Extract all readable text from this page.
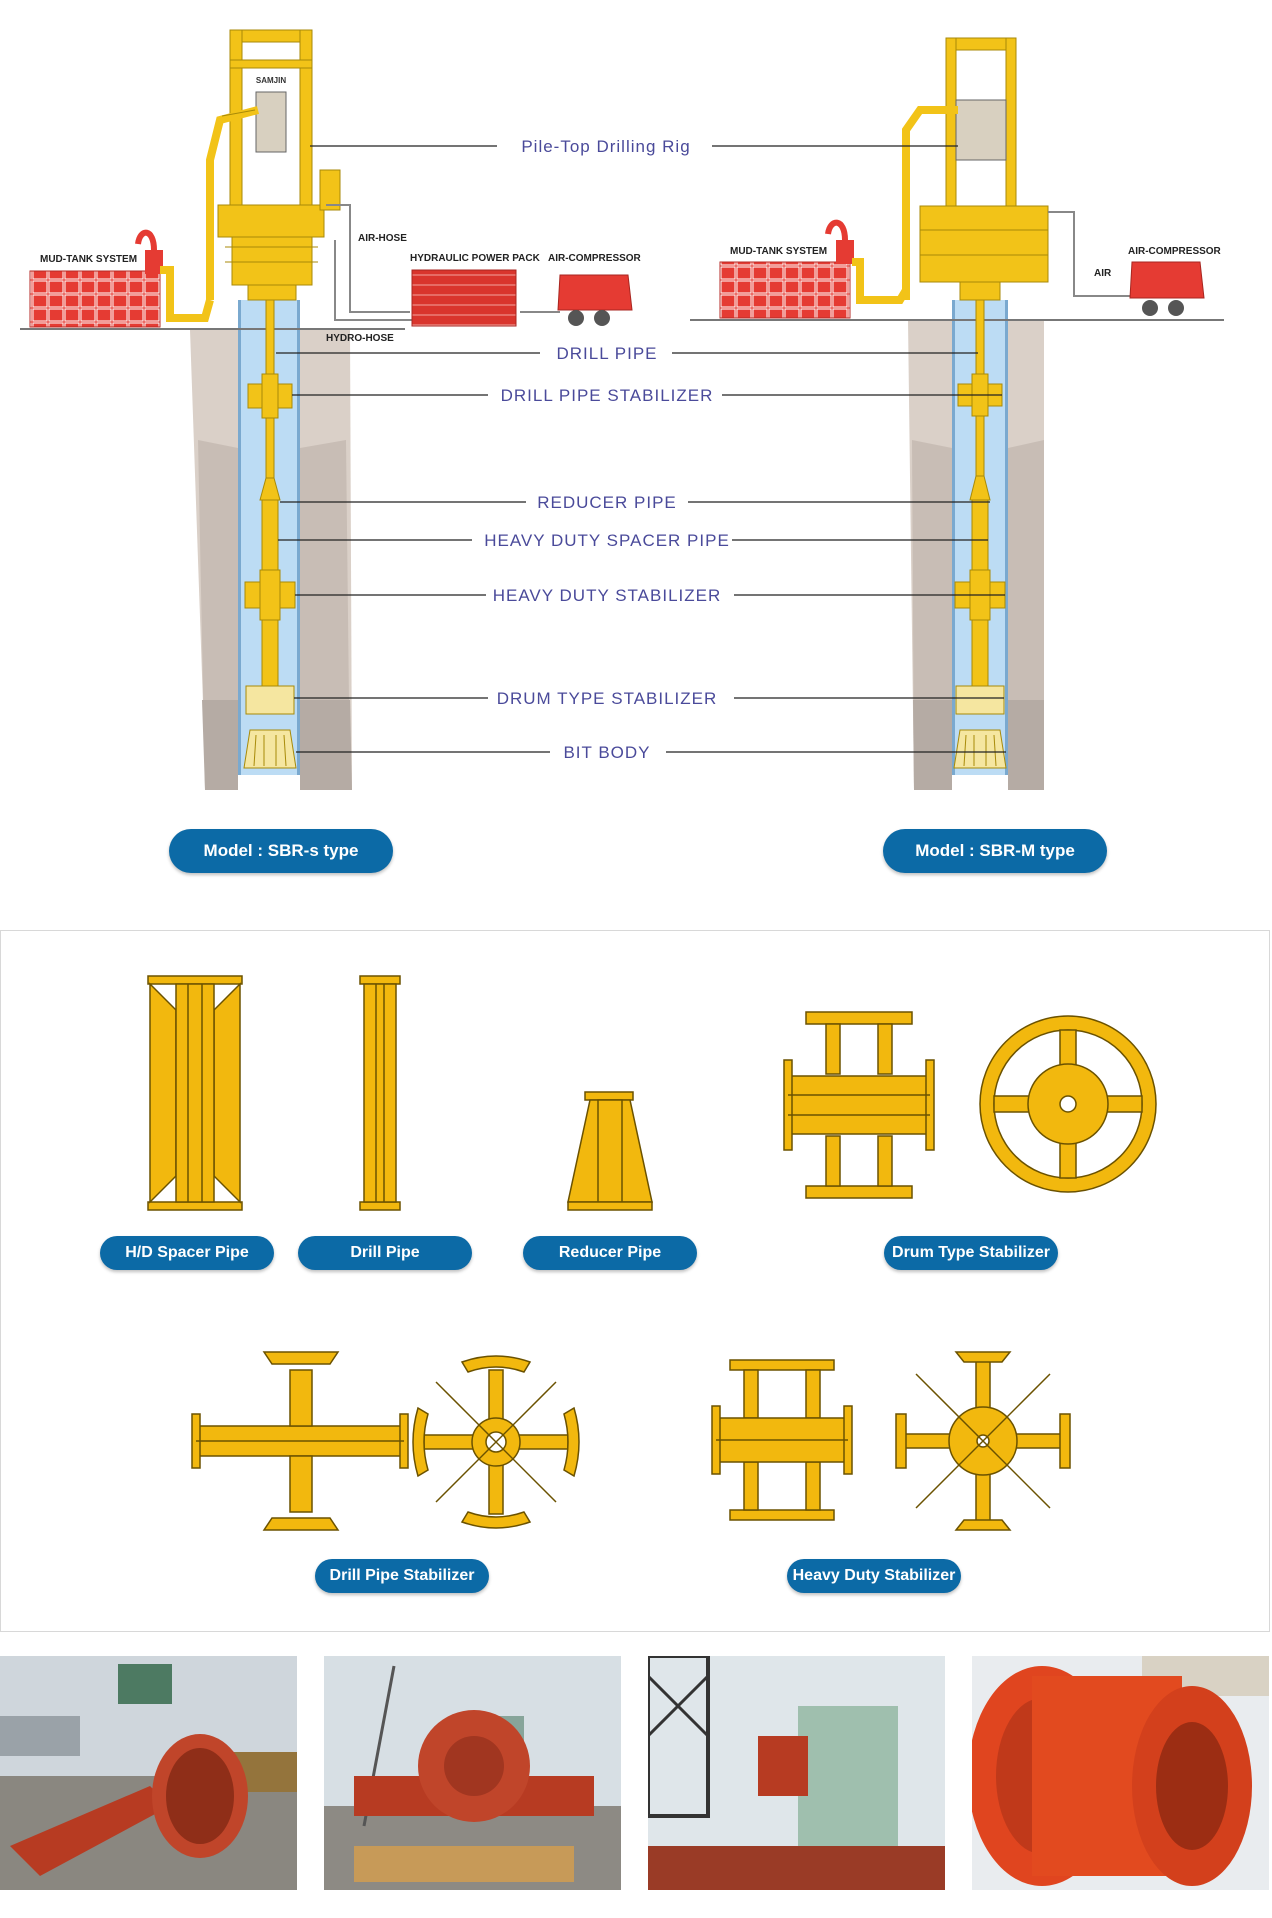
SAMJIN
MUD-TANK SYSTEM
AIR-HOSE
HYDRAULIC POWER PACK AIR-COMPRESSOR
HYDRO-HOSE
MUD-TANK SYSTEM
AIR
AIR-COMPRESSOR
Pile-Top Drilling Rig
DRILL PIPE
DRILL PIPE STABILIZER
REDUCER PIPE
HEAVY DUTY SPACER PIPE
HEAVY DUTY STABILIZER
DRUM TYPE STABILIZER
BIT BODY
Model : SBR-s type	Model : SBR-M type
H/D Spacer Pipe	Drill Pipe	Reducer Pipe	Drum Type Stabilizer
Drill Pipe Stabilizer	Heavy Duty Stabilizer
